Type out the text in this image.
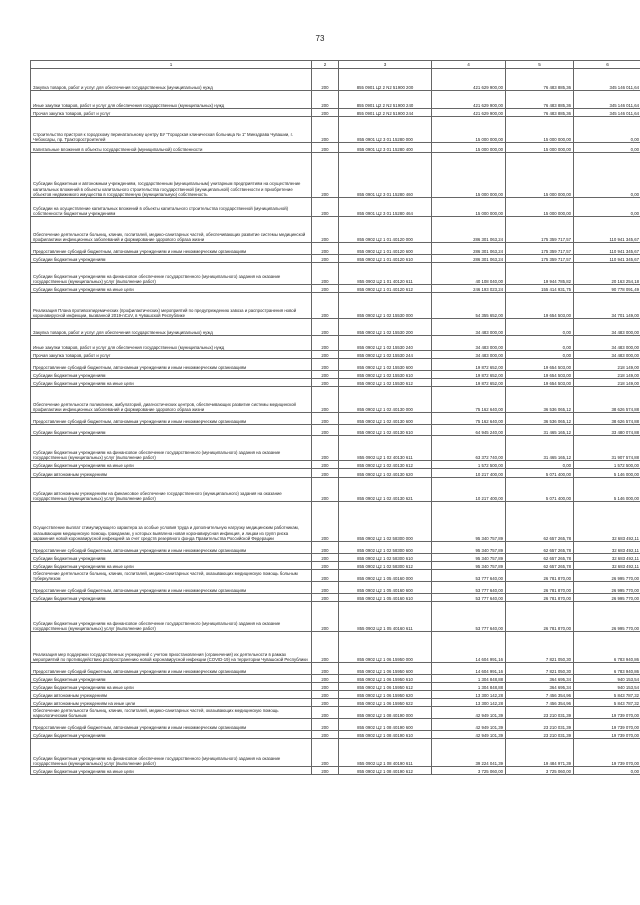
73
1	2	3	4	5	6
Закупка товаров, работ и услуг для обеспечения государственных (муниципальных) нужд	200	855 0901 Ц2 2 N2 51900 200	421 629 900,00	76 483 885,36	345 146 011,64
Иные закупки товаров, работ и услуг для обеспечения государственных (муниципальных) нужд	200	855 0901 Ц2 2 N2 51900 240	421 629 900,00	76 483 885,36	345 146 011,64
Прочая закупка товаров, работ и услуг	200	855 0901 Ц2 2 N2 51900 244	421 629 900,00	76 483 885,36	345 146 011,64
Строительство пристроя к городскому перинатальному центру БУ "Городская клиническая больница № 1" Минздрава Чувашии, г. Чебоксары, пр. Тракторостроителей	200	855 0901 Ц2 3 01 15280 000	15 000 000,00	15 000 000,00	0,00
Капитальные вложения в объекты государственной (муниципальной) собственности	200	855 0901 Ц2 3 01 15280 400	15 000 000,00	15 000 000,00	0,00
Субсидии бюджетным и автономным учреждениям, государственным (муниципальным) унитарным предприятиям на осуществление капитальных вложений в объекты капитального строительства государственной (муниципальной) собственности и приобретение объектов недвижимого имущества в государственную (муниципальную) собственность	200	855 0901 Ц2 3 01 15280 460	15 000 000,00	15 000 000,00	0,00
Субсидии на осуществление капитальных вложений в объекты капитального строительства государственной (муниципальной) собственности бюджетным учреждениям	200	855 0901 Ц2 3 01 15280 464	15 000 000,00	15 000 000,00	0,00
Обеспечение деятельности больниц, клиник, госпиталей, медико-санитарных частей, обеспечивающих развитие системы медицинской профилактики инфекционных заболеваний и формирование здорового образа жизни	200	855 0902 Ц2 1 01 40120 000	286 301 063,24	175 359 717,57	110 941 345,67
Предоставление субсидий бюджетным, автономным учреждениям и иным некоммерческим организациям	200	855 0902 Ц2 1 01 40120 600	286 301 063,24	175 359 717,57	110 941 345,67
Субсидии бюджетным учреждениям	200	855 0902 Ц2 1 01 40120 610	286 301 063,24	175 359 717,57	110 941 345,67
Субсидии бюджетным учреждениям на финансовое обеспечение государственного (муниципального) задания на оказание государственных (муниципальных) услуг (выполнение работ)	200	855 0902 Ц2 1 01 40120 611	40 108 040,00	19 944 785,82	20 163 254,18
Субсидии бюджетным учреждениям на иные цели	200	855 0902 Ц2 1 01 40120 612	246 193 023,24	155 414 931,75	90 778 091,49
Реализация Плана противоэпидемических (профилактических) мероприятий по предупреждению завоза и распространения новой коронавирусной инфекции, вызванной 2019-nCoV, в Чувашской Республике	200	855 0902 Ц2 1 02 15530 000	54 355 652,00	19 654 503,00	34 701 149,00
Закупка товаров, работ и услуг для обеспечения государственных (муниципальных) нужд	200	855 0902 Ц2 1 02 15530 200	34 483 000,00	0,00	34 483 000,00
Иные закупки товаров, работ и услуг для обеспечения государственных (муниципальных) нужд	200	855 0902 Ц2 1 02 15530 240	34 483 000,00	0,00	34 483 000,00
Прочая закупка товаров, работ и услуг	200	855 0902 Ц2 1 02 15530 244	34 483 000,00	0,00	34 483 000,00
Предоставление субсидий бюджетным, автономным учреждениям и иным некоммерческим организациям	200	855 0902 Ц2 1 02 15530 600	19 872 652,00	19 654 503,00	218 149,00
Субсидии бюджетным учреждениям	200	855 0902 Ц2 1 02 15530 610	19 872 652,00	19 654 503,00	218 149,00
Субсидии бюджетным учреждениям на иные цели	200	855 0902 Ц2 1 02 15530 612	19 872 652,00	19 654 503,00	218 149,00
Обеспечение деятельности поликлиник, амбулаторий, диагностических центров, обеспечивающих развитие системы медицинской профилактики инфекционных заболеваний и формирование здорового образа жизни	200	855 0902 Ц2 1 02 40130 000	75 162 640,00	36 536 065,12	38 626 574,88
Предоставление субсидий бюджетным, автономным учреждениям и иным некоммерческим организациям	200	855 0902 Ц2 1 02 40130 600	75 162 640,00	36 536 065,12	38 626 574,88
Субсидии бюджетным учреждениям	200	855 0902 Ц2 1 02 40130 610	64 945 240,00	31 465 165,12	33 480 074,88
Субсидии бюджетным учреждениям на финансовое обеспечение государственного (муниципального) задания на оказание государственных (муниципальных) услуг (выполнение работ)	200	855 0902 Ц2 1 02 40130 611	63 372 740,00	31 465 165,12	31 907 574,88
Субсидии бюджетным учреждениям на иные цели	200	855 0902 Ц2 1 02 40130 612	1 572 500,00	0,00	1 572 500,00
Субсидии автономным учреждениям	200	855 0902 Ц2 1 02 40130 620	10 217 400,00	5 071 400,00	5 146 000,00
Субсидии автономным учреждениям на финансовое обеспечение государственного (муниципального) задания на оказание государственных (муниципальных) услуг (выполнение работ)	200	855 0902 Ц2 1 02 40130 621	10 217 400,00	5 071 400,00	5 146 000,00
Осуществление выплат стимулирующего характера за особые условия труда и дополнительную нагрузку медицинским работникам, оказывающим медицинскую помощь гражданам, у которых выявлена новая коронавирусная инфекция, и лицам из групп риска заражения новой коронавирусной инфекцией за счет средств резервного фонда Правительства Российской Федерации	200	855 0902 Ц2 1 02 58300 000	95 340 757,89	62 657 265,78	32 683 492,11
Предоставление субсидий бюджетным, автономным учреждениям и иным некоммерческим организациям	200	855 0902 Ц2 1 02 58300 600	95 340 757,89	62 657 265,78	32 683 492,11
Субсидии бюджетным учреждениям	200	855 0902 Ц2 1 02 58300 610	95 340 757,89	62 657 265,78	32 683 492,11
Субсидии бюджетным учреждениям на иные цели	200	855 0902 Ц2 1 02 58300 612	95 340 757,89	62 657 265,78	32 683 492,11
Обеспечение деятельности больниц, клиник, госпиталей, медико-санитарных частей, оказывающих медицинскую помощь больным туберкулезом	200	855 0902 Ц2 1 05 40160 000	53 777 640,00	26 781 870,00	26 995 770,00
Предоставление субсидий бюджетным, автономным учреждениям и иным некоммерческим организациям	200	855 0902 Ц2 1 05 40160 600	53 777 640,00	26 781 870,00	26 995 770,00
Субсидии бюджетным учреждениям	200	855 0902 Ц2 1 05 40160 610	53 777 640,00	26 781 870,00	26 995 770,00
Субсидии бюджетным учреждениям на финансовое обеспечение государственного (муниципального) задания на оказание государственных (муниципальных) услуг (выполнение работ)	200	855 0902 Ц2 1 05 40160 611	53 777 640,00	26 781 870,00	26 995 770,00
Реализация мер поддержки государственных учреждений с учетом приостановления (ограничения) их деятельности в рамках мероприятий по противодействию распространению новой коронавирусной инфекции (COVID-19) на территории Чувашской Республики	200	855 0902 Ц2 1 06 15950 000	14 604 991,16	7 821 050,30	6 783 940,86
Предоставление субсидий бюджетным, автономным учреждениям и иным некоммерческим организациям	200	855 0902 Ц2 1 06 15950 600	14 604 991,16	7 821 050,30	6 783 940,86
Субсидии бюджетным учреждениям	200	855 0902 Ц2 1 06 15950 610	1 304 848,88	364 695,34	940 153,54
Субсидии бюджетным учреждениям на иные цели	200	855 0902 Ц2 1 06 15950 612	1 304 848,88	364 695,34	940 153,54
Субсидии автономным учреждениям	200	855 0902 Ц2 1 06 15950 620	13 300 142,28	7 456 354,96	5 843 787,32
Субсидии автономным учреждениям на иные цели	200	855 0902 Ц2 1 06 15950 622	13 300 142,28	7 456 354,96	5 843 787,32
Обеспечение деятельности больниц, клиник, госпиталей, медико-санитарных частей, оказывающих медицинскую помощь наркологическим больным	200	855 0902 Ц2 1 08 40190 000	42 949 101,39	23 210 031,39	19 739 070,00
Предоставление субсидий бюджетным, автономным учреждениям и иным некоммерческим организациям	200	855 0902 Ц2 1 08 40190 600	42 949 101,39	23 210 031,39	19 739 070,00
Субсидии бюджетным учреждениям	200	855 0902 Ц2 1 08 40190 610	42 949 101,39	23 210 031,39	19 739 070,00
Субсидии бюджетным учреждениям на финансовое обеспечение государственного (муниципального) задания на оказание государственных (муниципальных) услуг (выполнение работ)	200	855 0902 Ц2 1 08 40190 611	39 224 041,39	19 484 971,39	19 739 070,00
Субсидии бюджетным учреждениям на иные цели	200	855 0902 Ц2 1 08 40190 612	3 725 060,00	3 725 060,00	0,00
